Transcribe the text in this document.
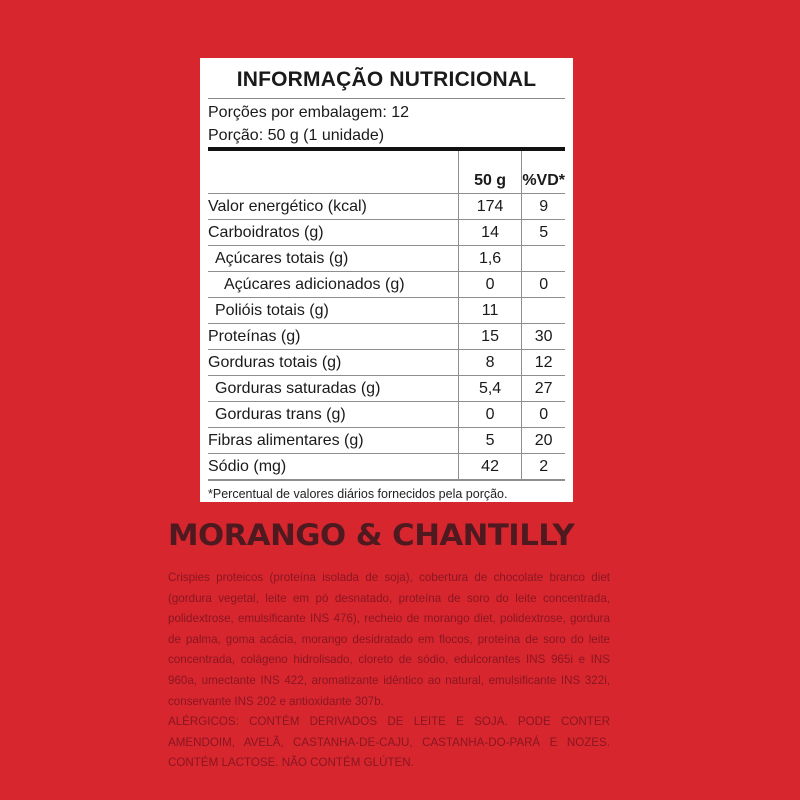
INFORMAÇÃO NUTRICIONAL
Porções por embalagem: 12
Porção: 50 g (1 unidade)
	50 g	%VD*
Valor energético (kcal)	174	9
Carboidratos (g)	14	5
Açúcares totais (g)	1,6	
Açúcares adicionados (g)	0	0
Polióis totais (g)	11	
Proteínas (g)	15	30
Gorduras totais (g)	8	12
Gorduras saturadas (g)	5,4	27
Gorduras trans (g)	0	0
Fibras alimentares (g)	5	20
Sódio (mg)	42	2
*Percentual de valores diários fornecidos pela porção.
MORANGO & CHANTILLY

Crispies proteicos (proteína isolada de soja), cobertura de chocolate branco diet (gordura vegetal, leite em pó desnatado, proteína de soro do leite concentrada, polidextrose, emulsificante INS 476), recheio de morango diet, polidextrose, gordura de palma, goma acácia, morango desidratado em flocos, proteína de soro do leite concentrada, colágeno hidrolisado, cloreto de sódio, edulcorantes INS 965i e INS 960a, umectante INS 422, aromatizante idêntico ao natural, emulsificante INS 322i, conservante INS 202 e antioxidante 307b.

ALÉRGICOS: CONTÉM DERIVADOS DE LEITE E SOJA. PODE CONTER AMENDOIM, AVELÃ, CASTANHA-DE-CAJU, CASTANHA-DO-PARÁ E NOZES. CONTÉM LACTOSE. NÃO CONTÉM GLÚTEN.
